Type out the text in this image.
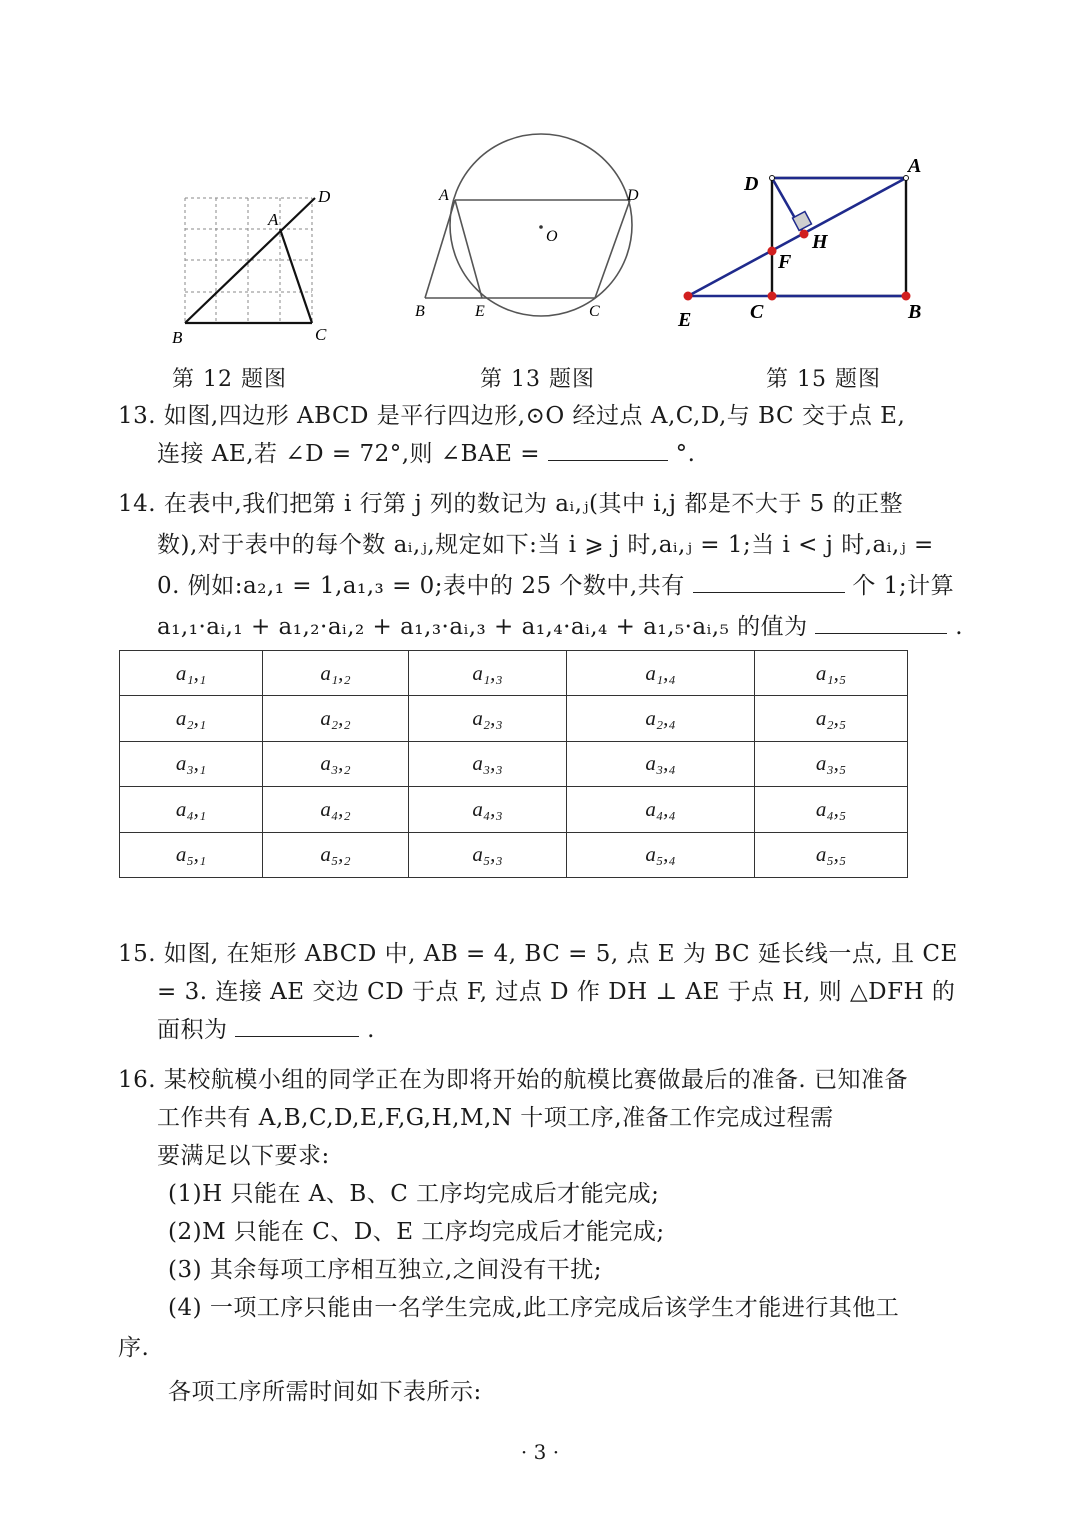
B	C
A
D
第 12 题图
A	D
O
B	E	C
第 13 题图
D
A
H
F
E	C	B
第 15 题图
13. 如图,四边形 ABCD 是平行四边形,⊙O 经过点 A,C,D,与 BC 交于点 E,
连接 AE,若 ∠D = 72°,则 ∠BAE =	°.
14. 在表中,我们把第 i 行第 j 列的数记为 aᵢ,ⱼ(其中 i,j 都是不大于 5 的正整
数),对于表中的每个数 aᵢ,ⱼ,规定如下:当 i ⩾ j 时,aᵢ,ⱼ = 1;当 i < j 时,aᵢ,ⱼ =
0. 例如:a₂,₁ = 1,a₁,₃ = 0;表中的 25 个数中,共有	个 1;计算
a₁,₁·aᵢ,₁ + a₁,₂·aᵢ,₂ + a₁,₃·aᵢ,₃ + a₁,₄·aᵢ,₄ + a₁,₅·aᵢ,₅ 的值为	.
a₁,₁	a₁,₂	a₁,₃	a₁,₄	a₁,₅
a₂,₁	a₂,₂	a₂,₃	a₂,₄	a₂,₅
a₃,₁	a₃,₂	a₃,₃	a₃,₄	a₃,₅
a₄,₁	a₄,₂	a₄,₃	a₄,₄	a₄,₅
a₅,₁	a₅,₂	a₅,₃	a₅,₄	a₅,₅
15. 如图, 在矩形 ABCD 中, AB = 4, BC = 5, 点 E 为 BC 延长线一点, 且 CE
= 3. 连接 AE 交边 CD 于点 F, 过点 D 作 DH ⊥ AE 于点 H, 则 △DFH 的
面积为	.
16. 某校航模小组的同学正在为即将开始的航模比赛做最后的准备. 已知准备
工作共有 A,B,C,D,E,F,G,H,M,N 十项工序,准备工作完成过程需
要满足以下要求:
(1)H 只能在 A、B、C 工序均完成后才能完成;
(2)M 只能在 C、D、E 工序均完成后才能完成;
(3) 其余每项工序相互独立,之间没有干扰;
(4) 一项工序只能由一名学生完成,此工序完成后该学生才能进行其他工
序.
各项工序所需时间如下表所示:
· 3 ·
